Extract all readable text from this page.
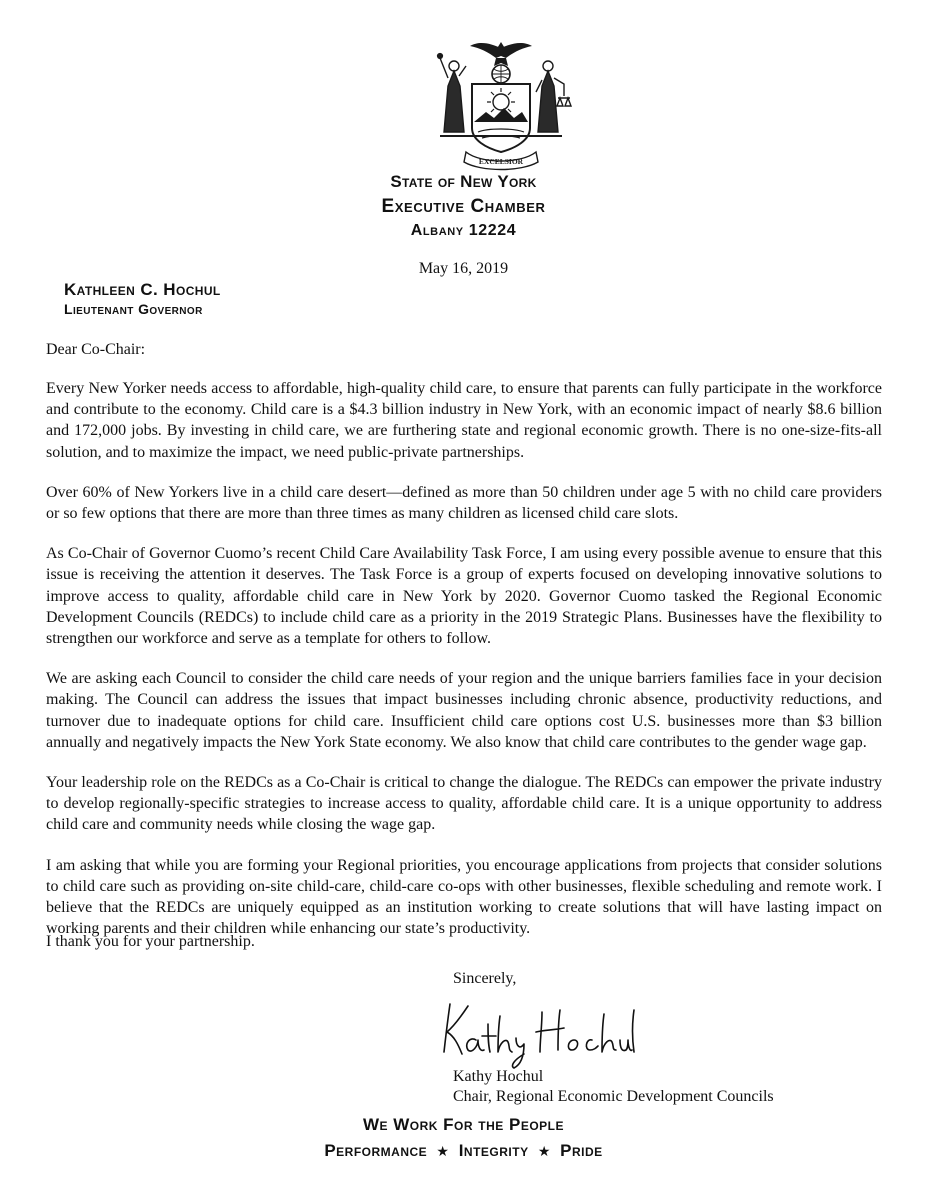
EXCELSIOR
State of New York
Executive Chamber
Albany 12224
May 16, 2019
Kathleen C. Hochul
Lieutenant Governor
Dear Co-Chair:

Every New Yorker needs access to affordable, high-quality child care, to ensure that parents can fully participate in the workforce and contribute to the economy. Child care is a $4.3 billion industry in New York, with an economic impact of nearly $8.6 billion and 172,000 jobs. By investing in child care, we are furthering state and regional economic growth. There is no one-size-fits-all solution, and to maximize the impact, we need public-private partnerships.

Over 60% of New Yorkers live in a child care desert—defined as more than 50 children under age 5 with no child care providers or so few options that there are more than three times as many children as licensed child care slots.

As Co-Chair of Governor Cuomo’s recent Child Care Availability Task Force, I am using every possible avenue to ensure that this issue is receiving the attention it deserves. The Task Force is a group of experts focused on developing innovative solutions to improve access to quality, affordable child care in New York by 2020. Governor Cuomo tasked the Regional Economic Development Councils (REDCs) to include child care as a priority in the 2019 Strategic Plans. Businesses have the flexibility to strengthen our workforce and serve as a template for others to follow.

We are asking each Council to consider the child care needs of your region and the unique barriers families face in your decision making. The Council can address the issues that impact businesses including chronic absence, productivity reductions, and turnover due to inadequate options for child care. Insufficient child care options cost U.S. businesses more than $3 billion annually and negatively impacts the New York State economy. We also know that child care contributes to the gender wage gap.

Your leadership role on the REDCs as a Co-Chair is critical to change the dialogue. The REDCs can empower the private industry to develop regionally-specific strategies to increase access to quality, affordable child care. It is a unique opportunity to address child care and community needs while closing the wage gap.

I am asking that while you are forming your Regional priorities, you encourage applications from projects that consider solutions to child care such as providing on-site child-care, child-care co-ops with other businesses, flexible scheduling and remote work. I believe that the REDCs are uniquely equipped as an institution working to create solutions that will have lasting impact on working parents and their children while enhancing our state’s productivity.

I thank you for your partnership.
Sincerely,
Kathy Hochul
Chair, Regional Economic Development Councils
We Work For the People
Performance ★ Integrity ★ Pride
